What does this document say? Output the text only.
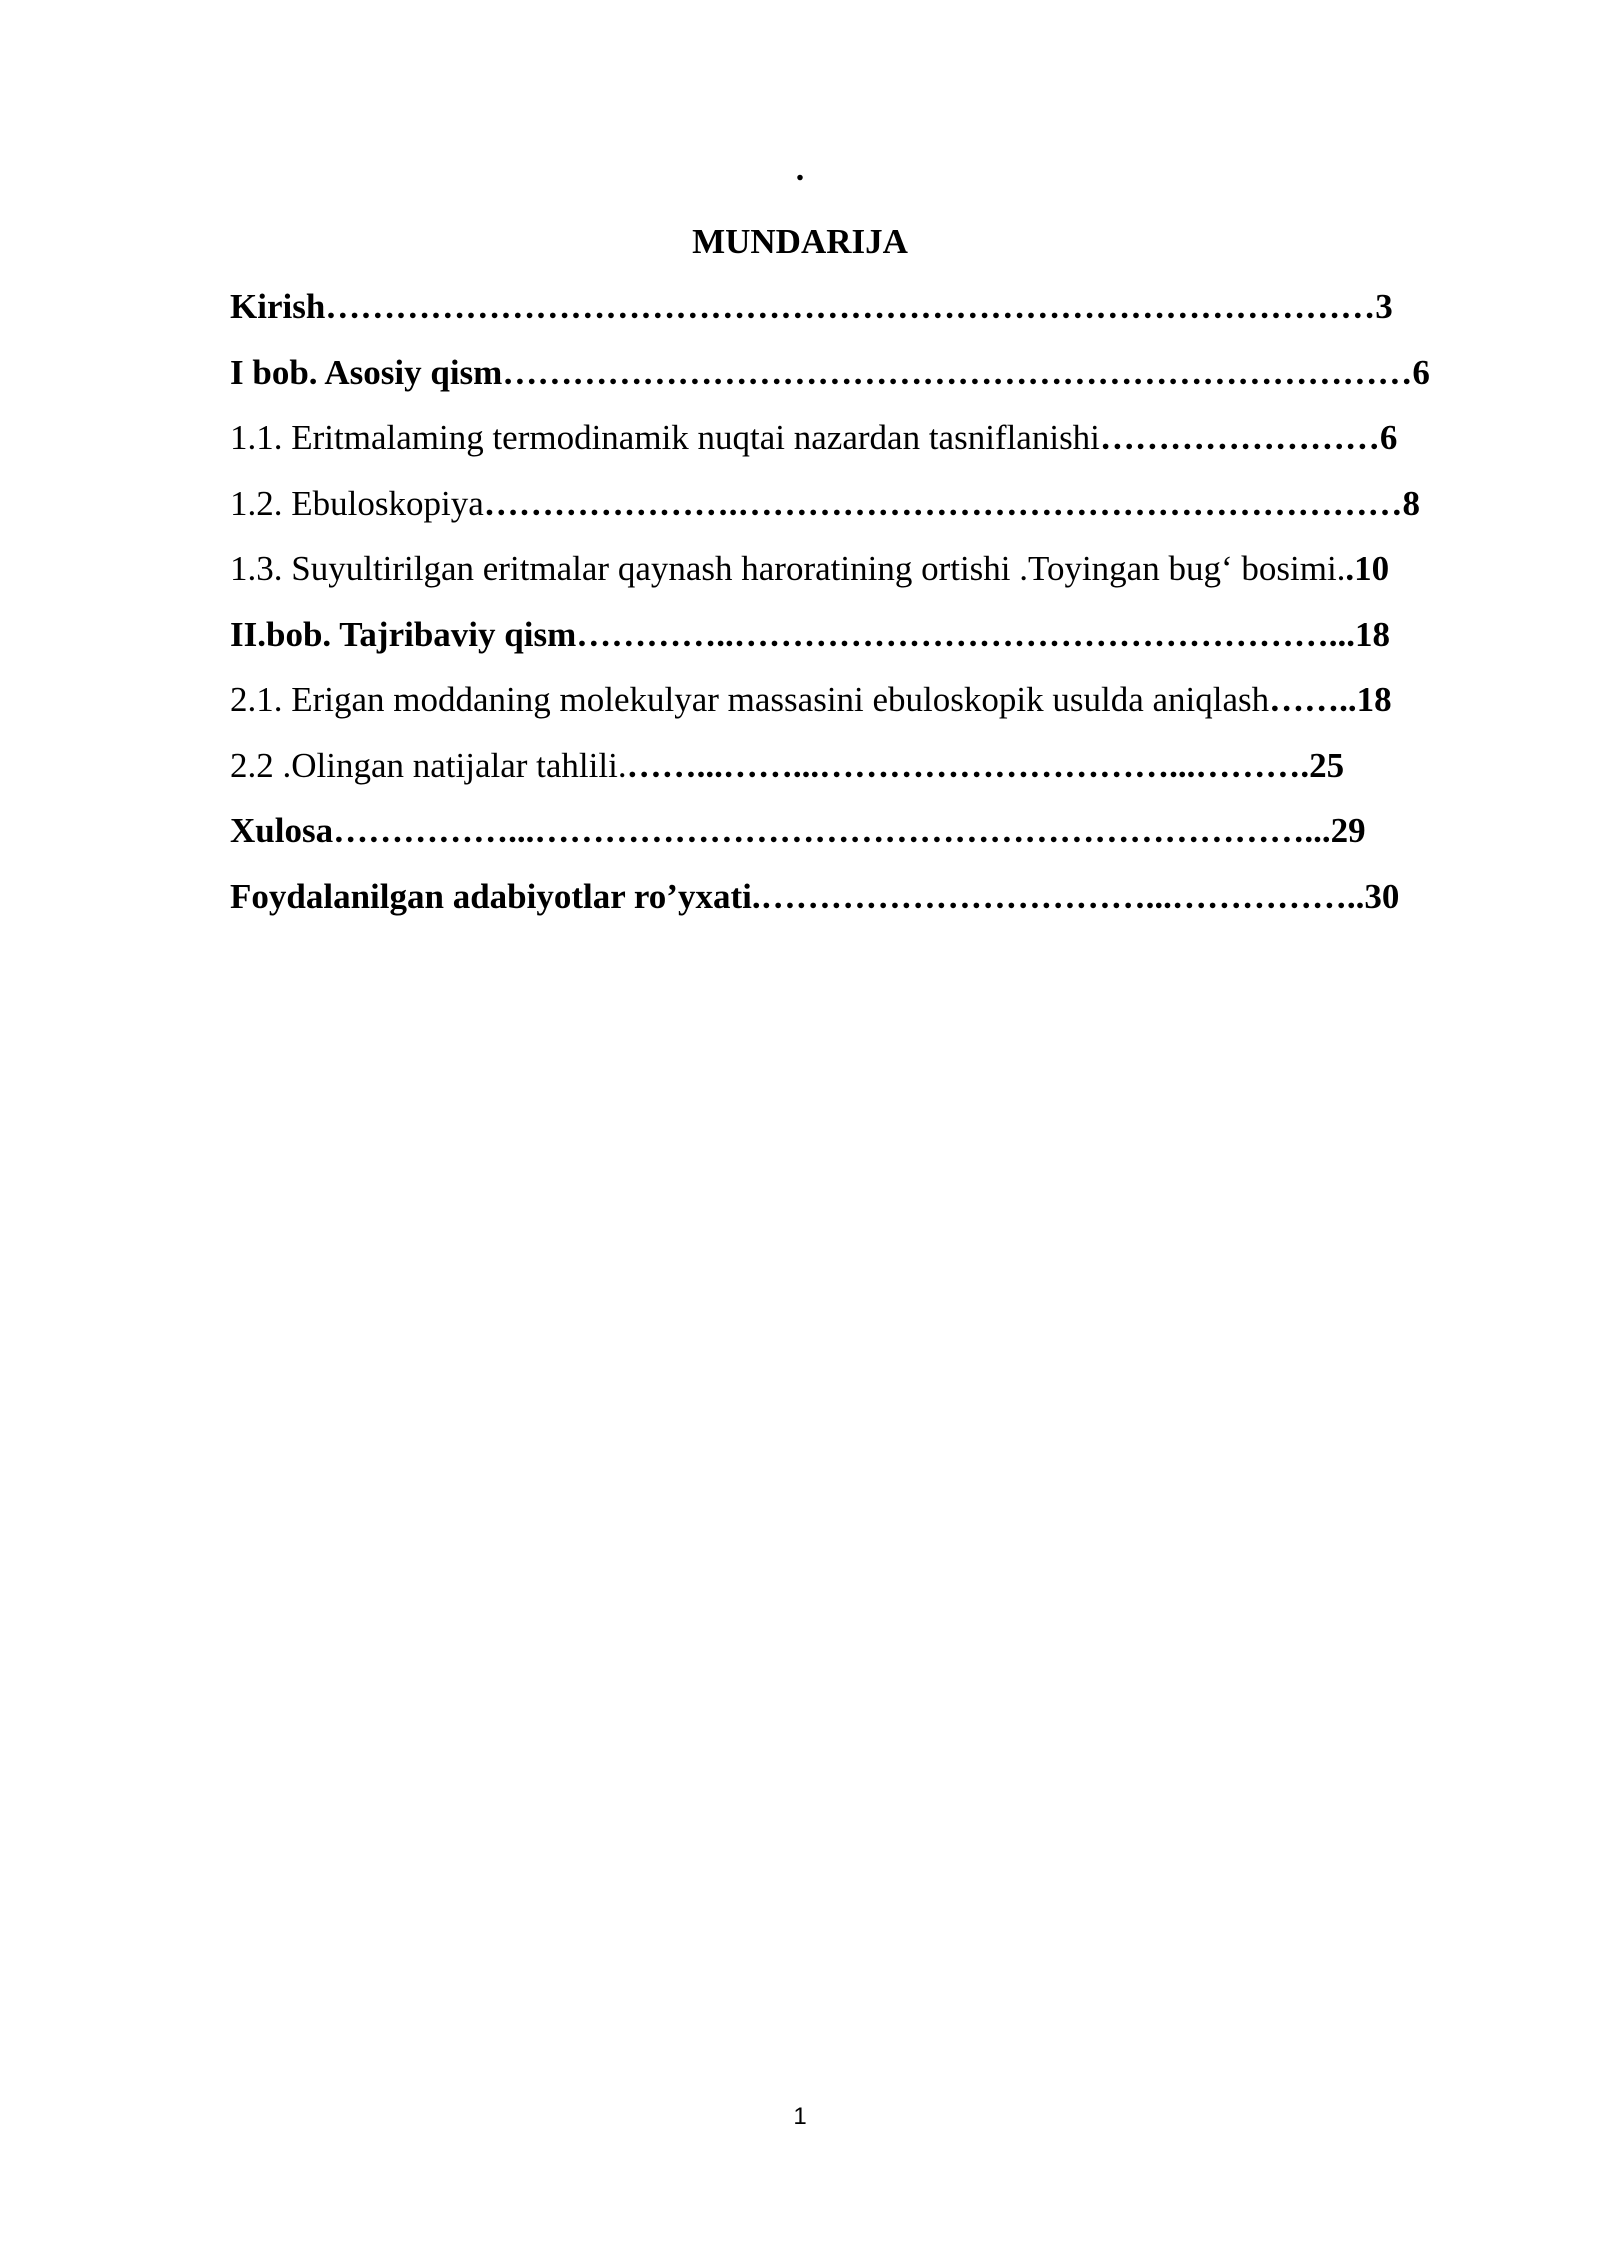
.
MUNDARIJA
Kirish………………………………………………………………………………3
I bob. Asosiy qism……………………………………………………………………6
1.1. Eritmalaming termodinamik nuqtai nazardan tasniflanishi……………………6
1.2. Ebuloskopiya………………….…………………………………………………8
1.3. Suyultirilgan eritmalar qaynash haroratining ortishi .Toyingan bug‘ bosimi..10
II.bob. Tajribaviy qism…………..……………………………………………...18
2.1. Erigan moddaning molekulyar massasini ebuloskopik usulda aniqlash……..18
2.2 .Olingan natijalar tahlili.……...……...…………………………...……….25
Xulosa……………...…………………………………………………………...29
Foydalanilgan adabiyotlar ro’yxati.……………………………...……………..30
1
